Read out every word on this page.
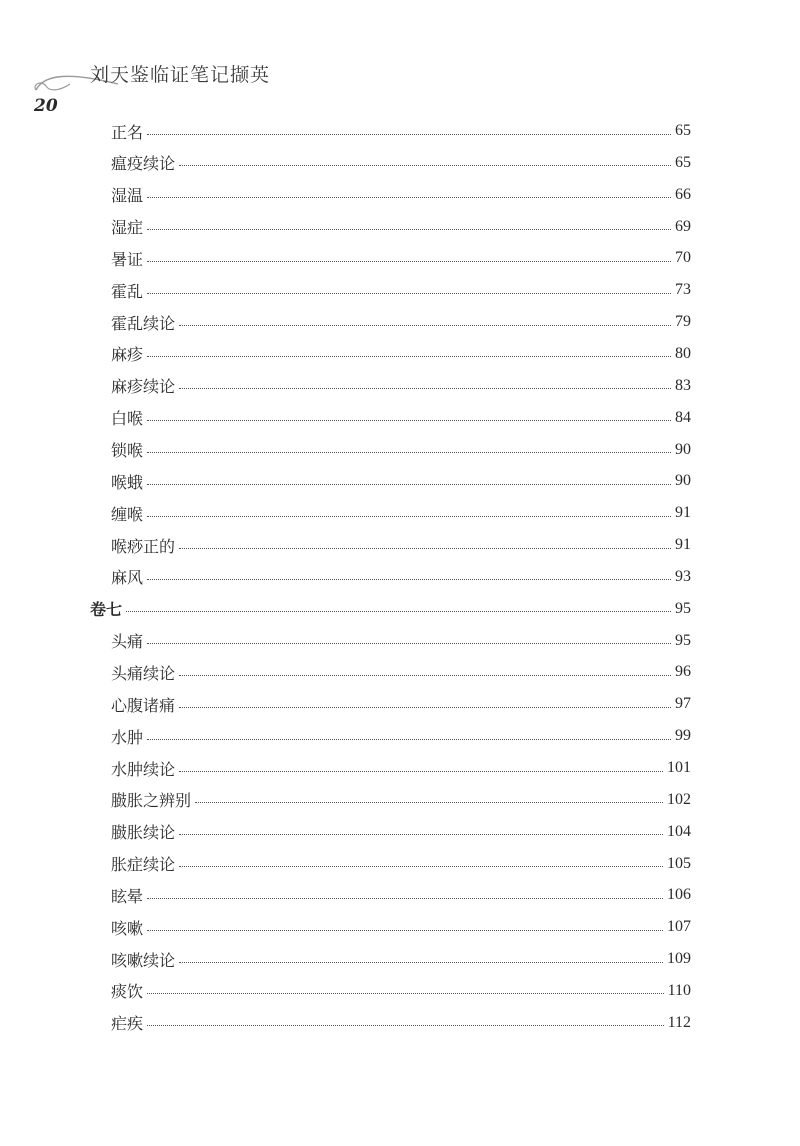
刘天鉴临证笔记撷英
20
正名	65
瘟疫续论	65
湿温	66
湿症	69
暑证	70
霍乱	73
霍乱续论	79
麻疹	80
麻疹续论	83
白喉	84
锁喉	90
喉蛾	90
缠喉	91
喉痧正的	91
麻风	93
卷七	95
头痛	95
头痛续论	96
心腹诸痛	97
水肿	99
水肿续论	101
臌胀之辨别	102
臌胀续论	104
胀症续论	105
眩晕	106
咳嗽	107
咳嗽续论	109
痰饮	110
疟疾	112
